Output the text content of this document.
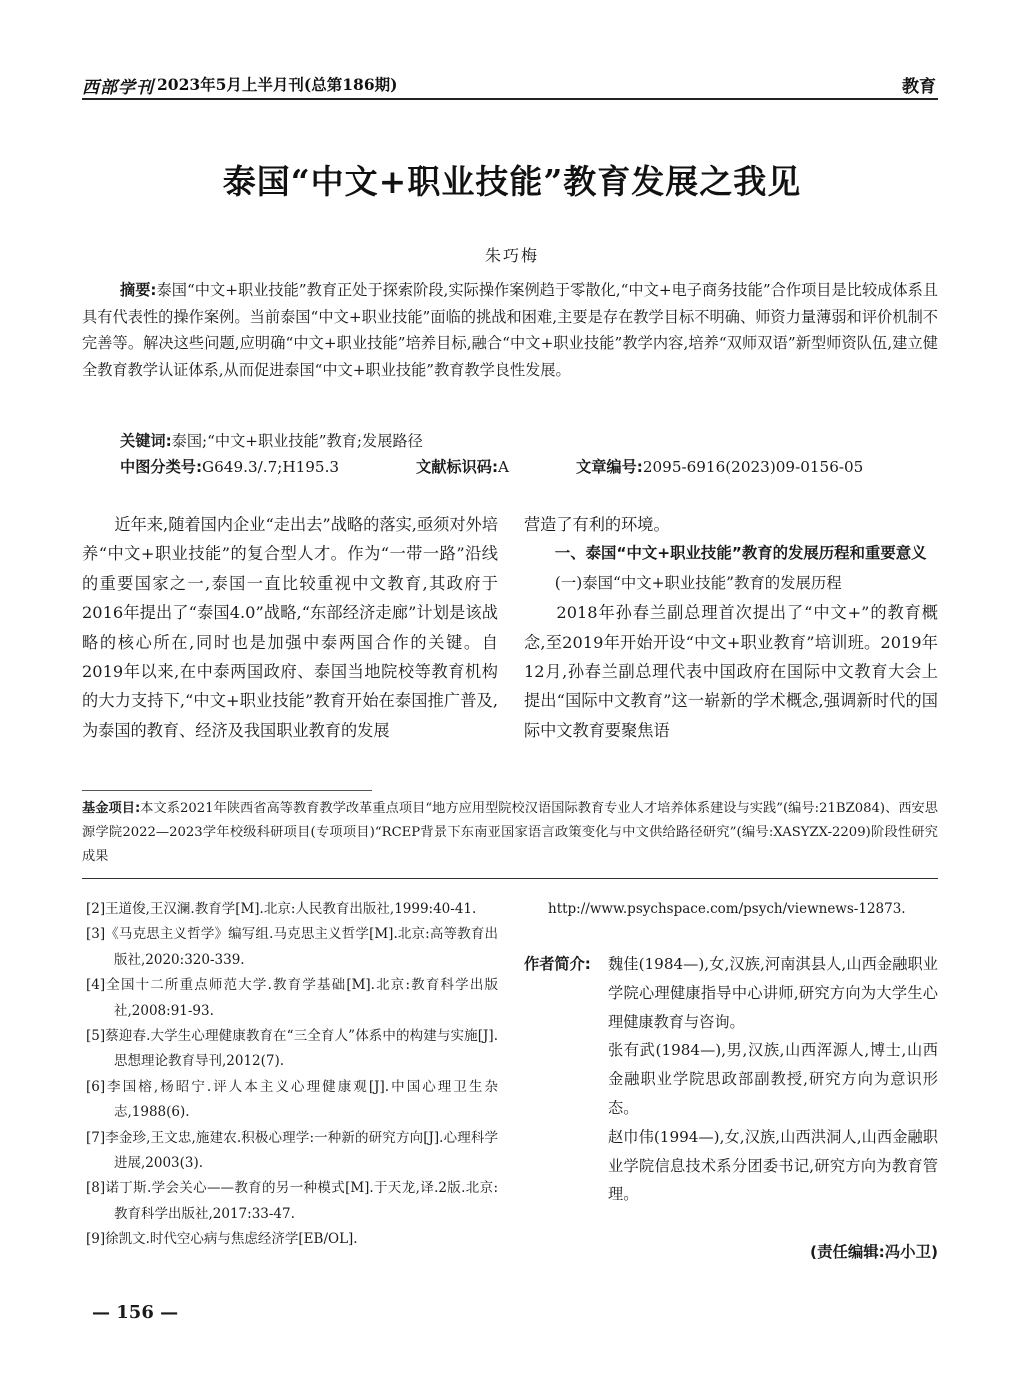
西部学刊 2023年5月上半月刊(总第186期)	教育
泰国“中文+职业技能”教育发展之我见
朱巧梅
摘要:泰国“中文+职业技能”教育正处于探索阶段,实际操作案例趋于零散化,“中文+电子商务技能”合作项目是比较成体系且具有代表性的操作案例。当前泰国“中文+职业技能”面临的挑战和困难,主要是存在教学目标不明确、师资力量薄弱和评价机制不完善等。解决这些问题,应明确“中文+职业技能”培养目标,融合“中文+职业技能”教学内容,培养“双师双语”新型师资队伍,建立健全教育教学认证体系,从而促进泰国“中文+职业技能”教育教学良性发展。
关键词:泰国;“中文+职业技能”教育;发展路径
中图分类号:G649.3/.7;H195.3	文献标识码:A	文章编号:2095-6916(2023)09-0156-05

近年来,随着国内企业“走出去”战略的落实,亟须对外培养“中文+职业技能”的复合型人才。作为“一带一路”沿线的重要国家之一,泰国一直比较重视中文教育,其政府于2016年提出了“泰国4.0”战略,“东部经济走廊”计划是该战略的核心所在,同时也是加强中泰两国合作的关键。自2019年以来,在中泰两国政府、泰国当地院校等教育机构的大力支持下,“中文+职业技能”教育开始在泰国推广普及,为泰国的教育、经济及我国职业教育的发展

营造了有利的环境。

一、泰国“中文+职业技能”教育的发展历程和重要意义

(一)泰国“中文+职业技能”教育的发展历程

2018年孙春兰副总理首次提出了“中文+”的教育概念,至2019年开始开设“中文+职业教育”培训班。2019年12月,孙春兰副总理代表中国政府在国际中文教育大会上提出“国际中文教育”这一崭新的学术概念,强调新时代的国际中文教育要聚焦语

基金项目:本文系2021年陕西省高等教育教学改革重点项目“地方应用型院校汉语国际教育专业人才培养体系建设与实践”(编号:21BZ084)、西安思源学院2022—2023学年校级科研项目(专项项目)“RCEP背景下东南亚国家语言政策变化与中文供给路径研究”(编号:XASYZX-2209)阶段性研究成果
[2]王道俊,王汉澜.教育学[M].北京:人民教育出版社,1999:40-41.
[3]《马克思主义哲学》编写组.马克思主义哲学[M].北京:高等教育出版社,2020:320-339.
[4]全国十二所重点师范大学.教育学基础[M].北京:教育科学出版社,2008:91-93.
[5]蔡迎春.大学生心理健康教育在“三全育人”体系中的构建与实施[J].思想理论教育导刊,2012(7).
[6]李国榕,杨昭宁.评人本主义心理健康观[J].中国心理卫生杂志,1988(6).
[7]李金珍,王文忠,施建农.积极心理学:一种新的研究方向[J].心理科学进展,2003(3).
[8]诺丁斯.学会关心——教育的另一种模式[M].于天龙,译.2版.北京:教育科学出版社,2017:33-47.
[9]徐凯文.时代空心病与焦虑经济学[EB/OL].
http://www.psychspace.com/psych/viewnews-12873.
作者简介: 魏佳(1984—),女,汉族,河南淇县人,山西金融职业学院心理健康指导中心讲师,研究方向为大学生心理健康教育与咨询。

张有武(1984—),男,汉族,山西浑源人,博士,山西金融职业学院思政部副教授,研究方向为意识形态。

赵巾伟(1994—),女,汉族,山西洪洞人,山西金融职业学院信息技术系分团委书记,研究方向为教育管理。

(责任编辑:冯小卫)
— 156 —
